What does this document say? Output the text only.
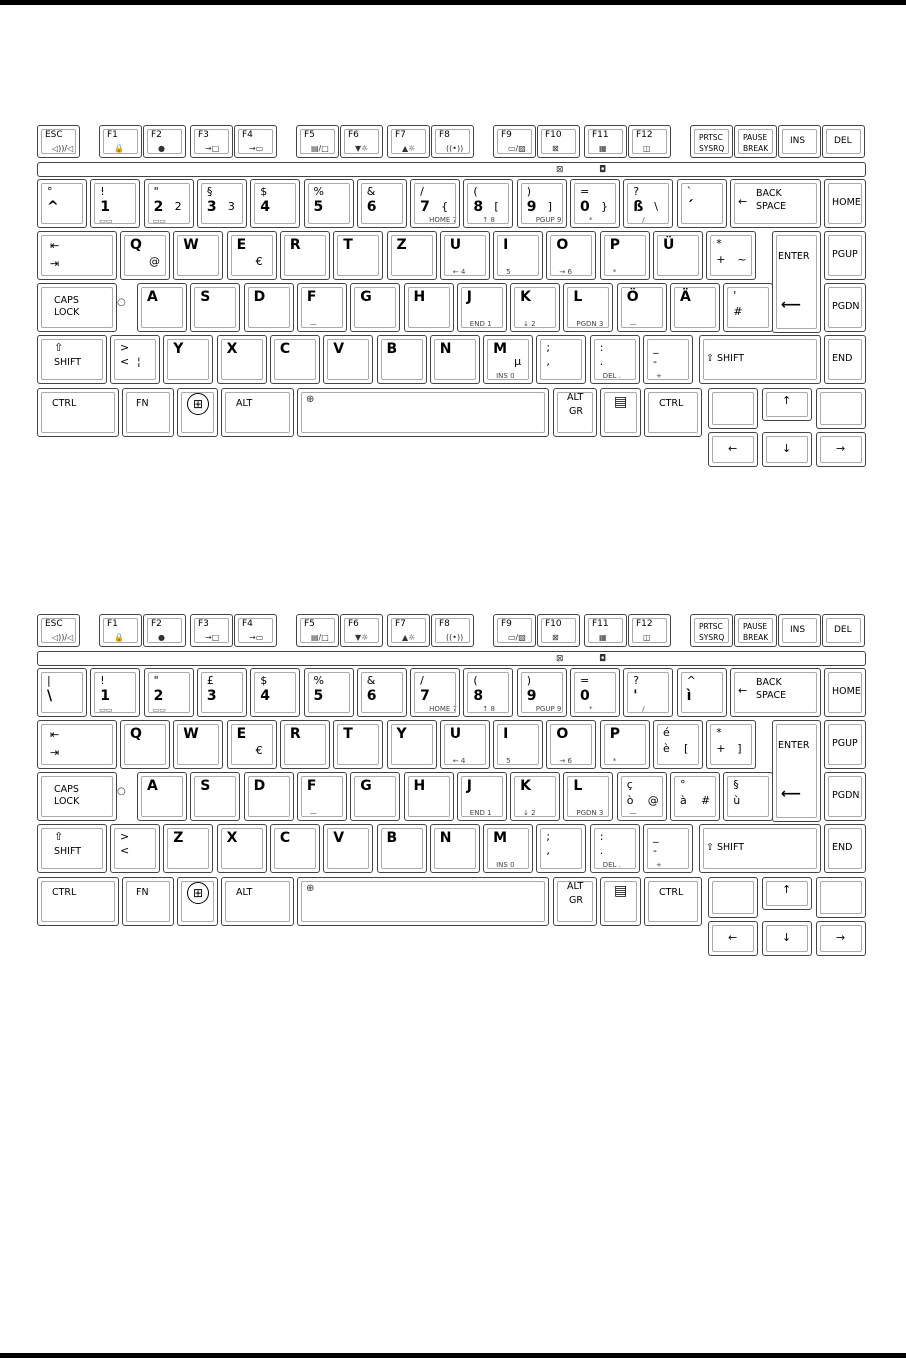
ESC
◁))/◁
F1
🔒
F2
●
F3
→□
F4
→▭
F5
▤/□
F6
▼☼
F7
▲☼
F8
((•))
F9
▭/▨
F10
⊠
F11
▦
F12
◫
PRTSC
SYSRQ
PAUSE
BREAK
INS	DEL
⊠	◘
°
^
!
1
▭▭
"
2 2
▭▭
§
3 3
$
4
%
5
&
6
/
7 {
HOME 7
(
8 [
↑ 8
)
9 ]
PGUP 9
=
0 }
*
?
ß \
/
`
´	←
BACK
SPACE
⇤
⇥
Q
@
W	E
€
R	T	Z	U
← 4
I
5
O
→ 6
P
*
Ü	*
+ ~	ENTER
⟵
CAPS
LOCK
○ A	S	D	F
—
G	H	J
END 1
K
↓ 2
L
PGDN 3
Ö
—
Ä	'
#
⇧
SHIFT
>
< ¦
Y	X	C	V	B	N	M
µ
INS 0
;
,
:
.
DEL .
_
-
+
⇧ SHIFT
CTRL	FN	⊞	ALT	⊕	ALT
GR
▤	CTRL	↑
←	↓	→
HOME
PGUP
PGDN
END
ESC
◁))/◁
F1
🔒
F2
●
F3
→□
F4
→▭
F5
▤/□
F6
▼☼
F7
▲☼
F8
((•))
F9
▭/▨
F10
⊠
F11
▦
F12
◫
PRTSC
SYSRQ
PAUSE
BREAK
INS	DEL
⊠	◘
|
\
!
1
▭▭
"
2
▭▭
£
3
$
4
%
5
&
6
/
7
HOME 7
(
8
↑ 8
)
9
PGUP 9
=
0
*
?
'
/
^
ì	←
BACK
SPACE
⇤
⇥
Q	W	E
€
R	T	Y	U
← 4
I
5
O
→ 6
P
*
é
è [
*
+ ]	ENTER
⟵
CAPS
LOCK
○ A	S	D	F
—
G	H	J
END 1
K
↓ 2
L
PGDN 3
ç
ò @
—
°
à #
§
ù
⇧
SHIFT
>
<
Z	X	C	V	B	N	M
INS 0
;
,
:
.
DEL .
_
-
+
⇧ SHIFT
CTRL	FN	⊞	ALT	⊕	ALT
GR
▤	CTRL	↑
←	↓	→
HOME
PGUP
PGDN
END
